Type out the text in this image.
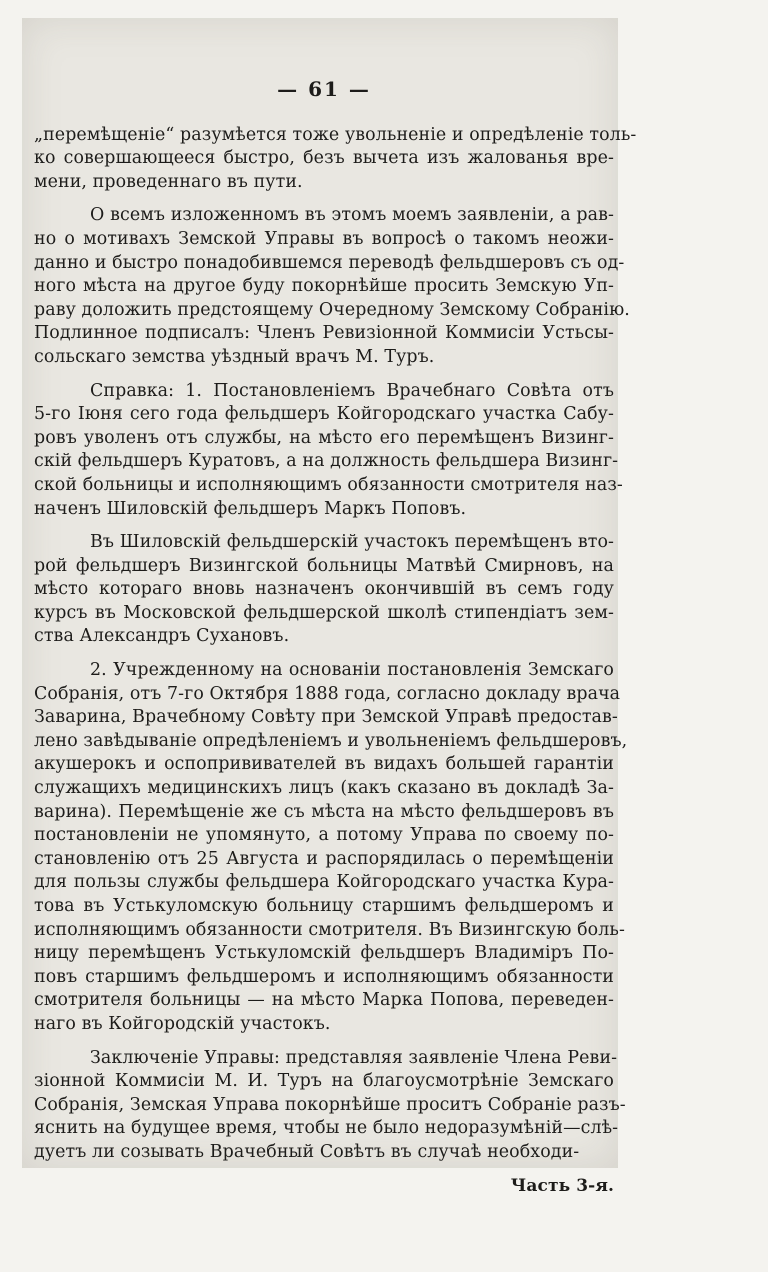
— 61 —
„перемѣщеніе“ разумѣется тоже увольненіе и опредѣленіе толь-
ко совершающееся быстро, безъ вычета изъ жалованья вре-
мени, проведеннаго въ пути.
О всемъ изложенномъ въ этомъ моемъ заявленіи, а рав-
но о мотивахъ Земской Управы въ вопросѣ о такомъ неожи-
данно и быстро понадобившемся переводѣ фельдшеровъ съ од-
ного мѣста на другое буду покорнѣйше просить Земскую Уп-
раву доложить предстоящему Очередному Земскому Собранію.
Подлинное подписалъ: Членъ Ревизіонной Коммисіи Устьсы-
сольскаго земства уѣздный врачъ М. Туръ.
Справка: 1. Постановленіемъ Врачебнаго Совѣта отъ
5-го Іюня сего года фельдшеръ Койгородскаго участка Сабу-
ровъ уволенъ отъ службы, на мѣсто его перемѣщенъ Визинг-
скій фельдшеръ Куратовъ, а на должность фельдшера Визинг-
ской больницы и исполняющимъ обязанности смотрителя наз-
наченъ Шиловскій фельдшеръ Маркъ Поповъ.
Въ Шиловскій фельдшерскій участокъ перемѣщенъ вто-
рой фельдшеръ Визингской больницы Матвѣй Смирновъ, на
мѣсто котораго вновь назначенъ окончившій въ семъ году
курсъ въ Московской фельдшерской школѣ стипендіатъ зем-
ства Александръ Сухановъ.
2. Учрежденному на основаніи постановленія Земскаго
Собранія, отъ 7-го Октября 1888 года, согласно докладу врача
Заварина, Врачебному Совѣту при Земской Управѣ предостав-
лено завѣдываніе опредѣленіемъ и увольненіемъ фельдшеровъ,
акушерокъ и оспопрививателей въ видахъ большей гарантіи
служащихъ медицинскихъ лицъ (какъ сказано въ докладѣ За-
варина). Перемѣщеніе же съ мѣста на мѣсто фельдшеровъ въ
постановленіи не упомянуто, а потому Управа по своему по-
становленію отъ 25 Августа и распорядилась о перемѣщеніи
для пользы службы фельдшера Койгородскаго участка Кура-
това въ Устькуломскую больницу старшимъ фельдшеромъ и
исполняющимъ обязанности смотрителя. Въ Визингскую боль-
ницу перемѣщенъ Устькуломскій фельдшеръ Владиміръ По-
повъ старшимъ фельдшеромъ и исполняющимъ обязанности
смотрителя больницы — на мѣсто Марка Попова, переведен-
наго въ Койгородскій участокъ.
Заключеніе Управы: представляя заявленіе Члена Реви-
зіонной Коммисіи М. И. Туръ на благоусмотрѣніе Земскаго
Собранія, Земская Управа покорнѣйше проситъ Собраніе разъ-
яснить на будущее время, чтобы не было недоразумѣній—слѣ-
дуетъ ли созывать Врачебный Совѣтъ въ случаѣ необходи-
Часть 3-я.
